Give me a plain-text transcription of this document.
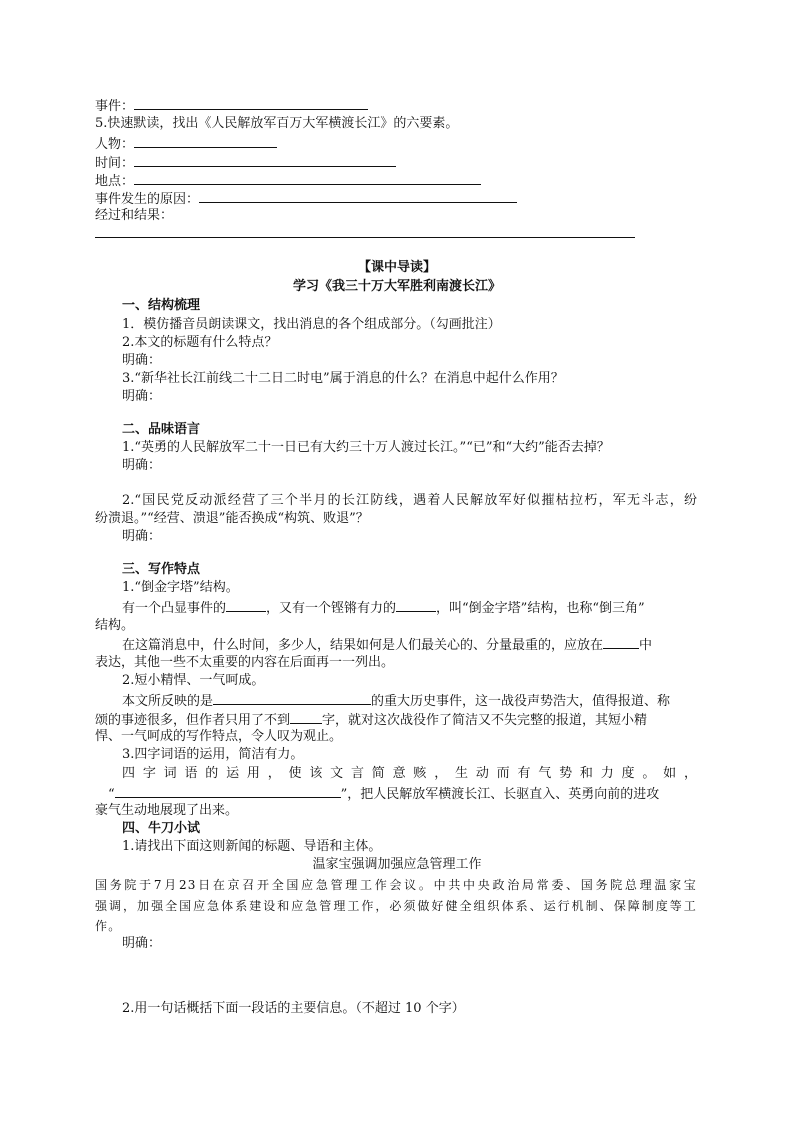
事件：
5.快速默读，找出《人民解放军百万大军横渡长江》的六要素。
人物：
时间：
地点：
事件发生的原因：
经过和结果：
【课中导读】
学习《我三十万大军胜利南渡长江》
一、结构梳理
1．模仿播音员朗读课文，找出消息的各个组成部分。（勾画批注）
2.本文的标题有什么特点？
明确：
3.“新华社长江前线二十二日二时电”属于消息的什么？在消息中起什么作用？
明确：
二、品味语言
1.“英勇的人民解放军二十一日已有大约三十万人渡过长江。”“已”和“大约”能否去掉？
明确：
2.“国民党反动派经营了三个半月的长江防线，遇着人民解放军好似摧枯拉朽，军无斗志，纷
纷溃退。”“经营、溃退”能否换成“构筑、败退”？
明确：
三、写作特点
1.“倒金字塔”结构。
有一个凸显事件的	，又有一个铿锵有力的	，叫“倒金字塔”结构，也称“倒三角”
结构。
在这篇消息中，什么时间，多少人，结果如何是人们最关心的、分量最重的，应放在	中
表达，其他一些不太重要的内容在后面再一一列出。
2.短小精悍、一气呵成。
本文所反映的是	的重大历史事件，这一战役声势浩大，值得报道、称
颂的事迹很多，但作者只用了不到 字，就对这次战役作了简洁又不失完整的报道，其短小精
悍、一气呵成的写作特点，令人叹为观止。
3.四字词语的运用，简洁有力。
四字词语的运用，使该文言简意赅，生动而有气势和力度。如，
“	”，把人民解放军横渡长江、长驱直入、英勇向前的进攻
豪气生动地展现了出来。
四、牛刀小试
1.请找出下面这则新闻的标题、导语和主体。
温家宝强调加强应急管理工作
国务院于7月23日在京召开全国应急管理工作会议。中共中央政治局常委、国务院总理温家宝
强调，加强全国应急体系建设和应急管理工作，必须做好健全组织体系、运行机制、保障制度等工
作。
明确：
2.用一句话概括下面一段话的主要信息。（不超过 10 个字）
